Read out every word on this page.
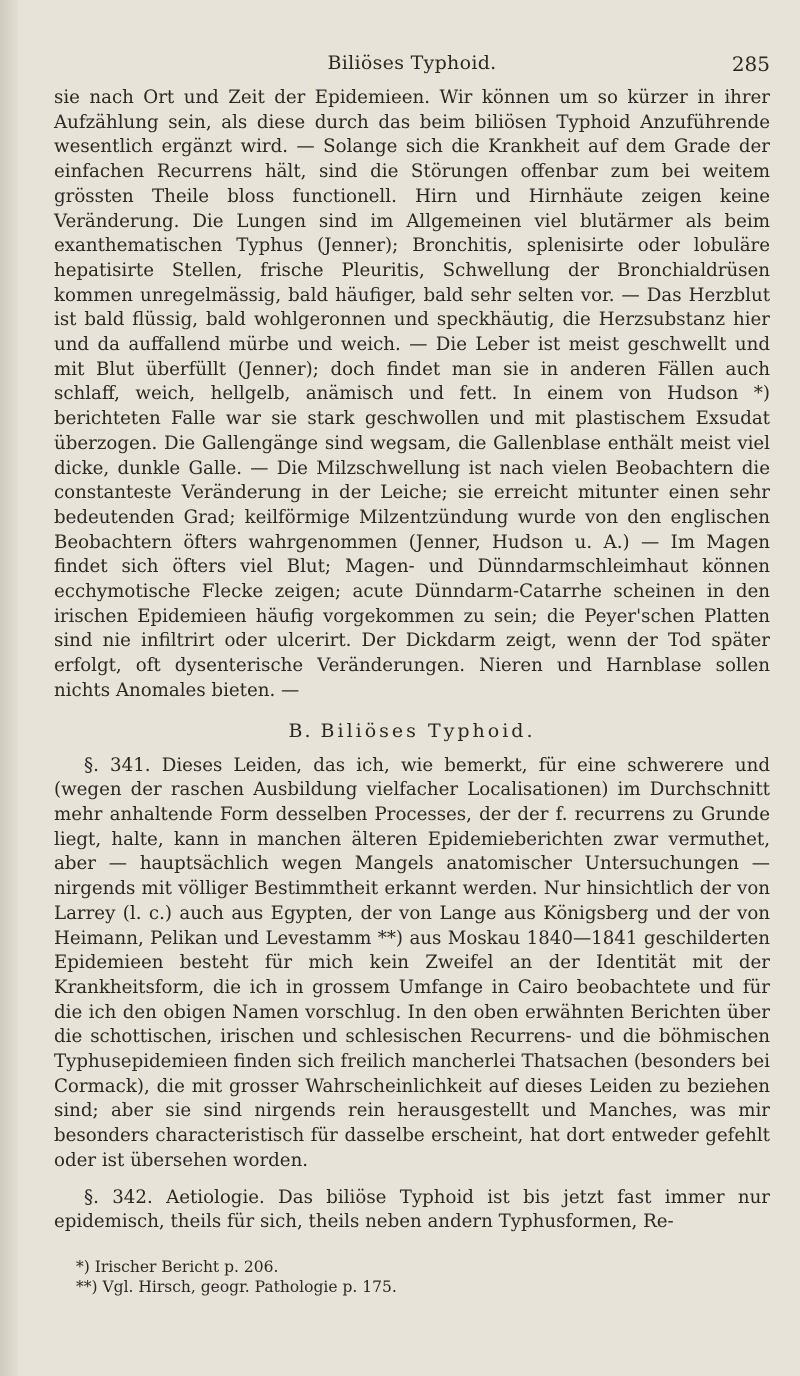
Biliöses Typhoid.	285

sie nach Ort und Zeit der Epidemieen. Wir können um so kürzer in ihrer Aufzählung sein, als diese durch das beim biliösen Typhoid Anzuführende wesentlich ergänzt wird. — Solange sich die Krankheit auf dem Grade der einfachen Recurrens hält, sind die Störungen offenbar zum bei weitem grössten Theile bloss functionell. Hirn und Hirnhäute zeigen keine Veränderung. Die Lungen sind im Allgemeinen viel blutärmer als beim exanthematischen Typhus (Jenner); Bronchitis, splenisirte oder lobuläre hepatisirte Stellen, frische Pleuritis, Schwellung der Bronchialdrüsen kommen unregelmässig, bald häufiger, bald sehr selten vor. — Das Herzblut ist bald flüssig, bald wohlgeronnen und speckhäutig, die Herzsubstanz hier und da auffallend mürbe und weich. — Die Leber ist meist geschwellt und mit Blut überfüllt (Jenner); doch findet man sie in anderen Fällen auch schlaff, weich, hellgelb, anämisch und fett. In einem von Hudson *) berichteten Falle war sie stark geschwollen und mit plastischem Exsudat überzogen. Die Gallengänge sind wegsam, die Gallenblase enthält meist viel dicke, dunkle Galle. — Die Milzschwellung ist nach vielen Beobachtern die constanteste Veränderung in der Leiche; sie erreicht mitunter einen sehr bedeutenden Grad; keilförmige Milzentzündung wurde von den englischen Beobachtern öfters wahrgenommen (Jenner, Hudson u. A.) — Im Magen findet sich öfters viel Blut; Magen- und Dünndarmschleimhaut können ecchymotische Flecke zeigen; acute Dünndarm-Catarrhe scheinen in den irischen Epidemieen häufig vorgekommen zu sein; die Peyer'schen Platten sind nie infiltrirt oder ulcerirt. Der Dickdarm zeigt, wenn der Tod später erfolgt, oft dysenterische Veränderungen. Nieren und Harnblase sollen nichts Anomales bieten. —

B. Biliöses Typhoid.

§. 341. Dieses Leiden, das ich, wie bemerkt, für eine schwerere und (wegen der raschen Ausbildung vielfacher Localisationen) im Durchschnitt mehr anhaltende Form desselben Processes, der der f. recurrens zu Grunde liegt, halte, kann in manchen älteren Epidemieberichten zwar vermuthet, aber — hauptsächlich wegen Mangels anatomischer Untersuchungen — nirgends mit völliger Bestimmtheit erkannt werden. Nur hinsichtlich der von Larrey (l. c.) auch aus Egypten, der von Lange aus Königsberg und der von Heimann, Pelikan und Levestamm **) aus Moskau 1840—1841 geschilderten Epidemieen besteht für mich kein Zweifel an der Identität mit der Krankheitsform, die ich in grossem Umfange in Cairo beobachtete und für die ich den obigen Namen vorschlug. In den oben erwähnten Berichten über die schottischen, irischen und schlesischen Recurrens- und die böhmischen Typhusepidemieen finden sich freilich mancherlei Thatsachen (besonders bei Cormack), die mit grosser Wahrscheinlichkeit auf dieses Leiden zu beziehen sind; aber sie sind nirgends rein herausgestellt und Manches, was mir besonders characteristisch für dasselbe erscheint, hat dort entweder gefehlt oder ist übersehen worden.

§. 342. Aetiologie. Das biliöse Typhoid ist bis jetzt fast immer nur epidemisch, theils für sich, theils neben andern Typhusformen, Re-

*) Irischer Bericht p. 206.
**) Vgl. Hirsch, geogr. Pathologie p. 175.
